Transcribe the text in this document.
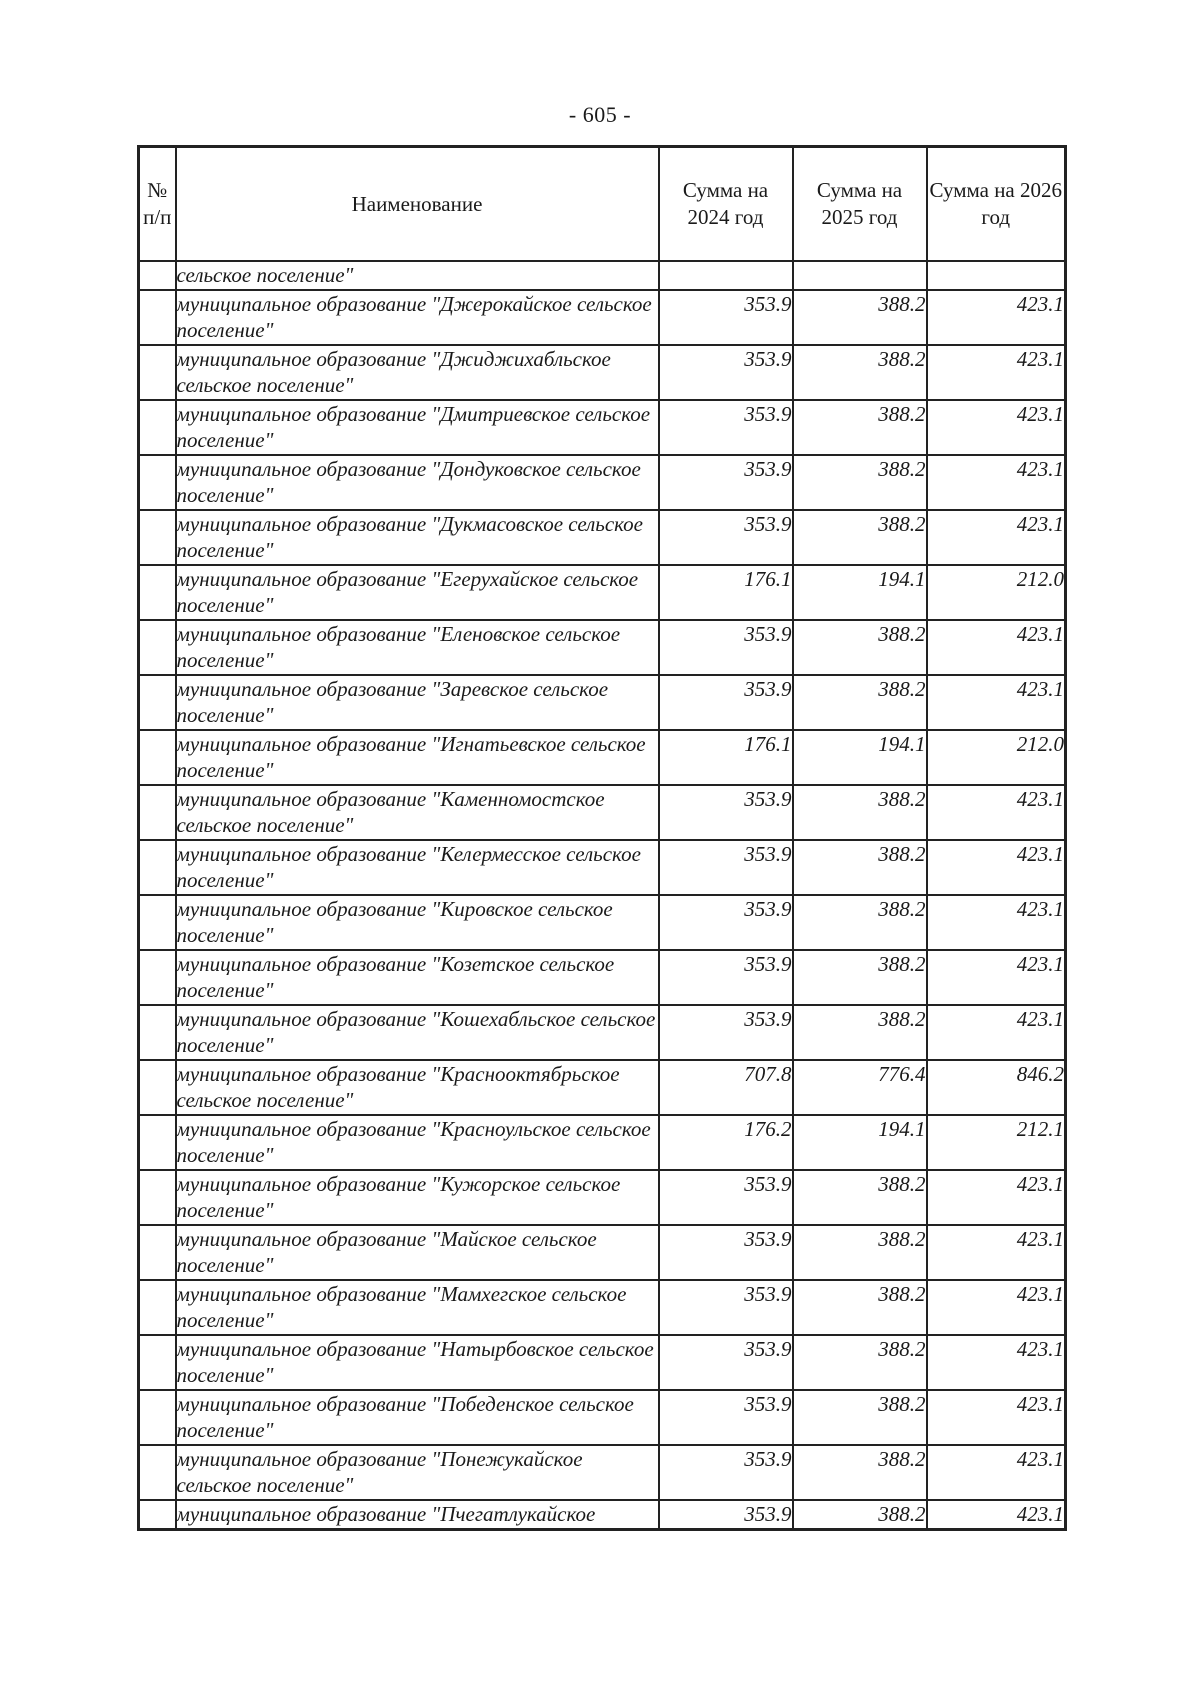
- 605 -
№ п/п	Наименование	Сумма на 2024 год	Сумма на 2025 год	Сумма на 2026 год
	сельское поселение"			
	муниципальное образование "Джерокайское сельское поселение"	353.9	388.2	423.1
	муниципальное образование "Джиджихабльское сельское поселение"	353.9	388.2	423.1
	муниципальное образование "Дмитриевское сельское поселение"	353.9	388.2	423.1
	муниципальное образование "Дондуковское сельское поселение"	353.9	388.2	423.1
	муниципальное образование "Дукмасовское сельское поселение"	353.9	388.2	423.1
	муниципальное образование "Егерухайское сельское поселение"	176.1	194.1	212.0
	муниципальное образование "Еленовское сельское поселение"	353.9	388.2	423.1
	муниципальное образование "Заревское сельское поселение"	353.9	388.2	423.1
	муниципальное образование "Игнатьевское сельское поселение"	176.1	194.1	212.0
	муниципальное образование "Каменномостское сельское поселение"	353.9	388.2	423.1
	муниципальное образование "Келермесское сельское поселение"	353.9	388.2	423.1
	муниципальное образование "Кировское сельское поселение"	353.9	388.2	423.1
	муниципальное образование "Козетское сельское поселение"	353.9	388.2	423.1
	муниципальное образование "Кошехабльское сельское поселение"	353.9	388.2	423.1
	муниципальное образование "Краснооктябрьское сельское поселение"	707.8	776.4	846.2
	муниципальное образование "Красноульское сельское поселение"	176.2	194.1	212.1
	муниципальное образование "Кужорское сельское поселение"	353.9	388.2	423.1
	муниципальное образование "Майское сельское поселение"	353.9	388.2	423.1
	муниципальное образование "Мамхегское сельское поселение"	353.9	388.2	423.1
	муниципальное образование "Натырбовское сельское поселение"	353.9	388.2	423.1
	муниципальное образование "Победенское сельское поселение"	353.9	388.2	423.1
	муниципальное образование "Понежукайское сельское поселение"	353.9	388.2	423.1
	муниципальное образование "Пчегатлукайское	353.9	388.2	423.1
